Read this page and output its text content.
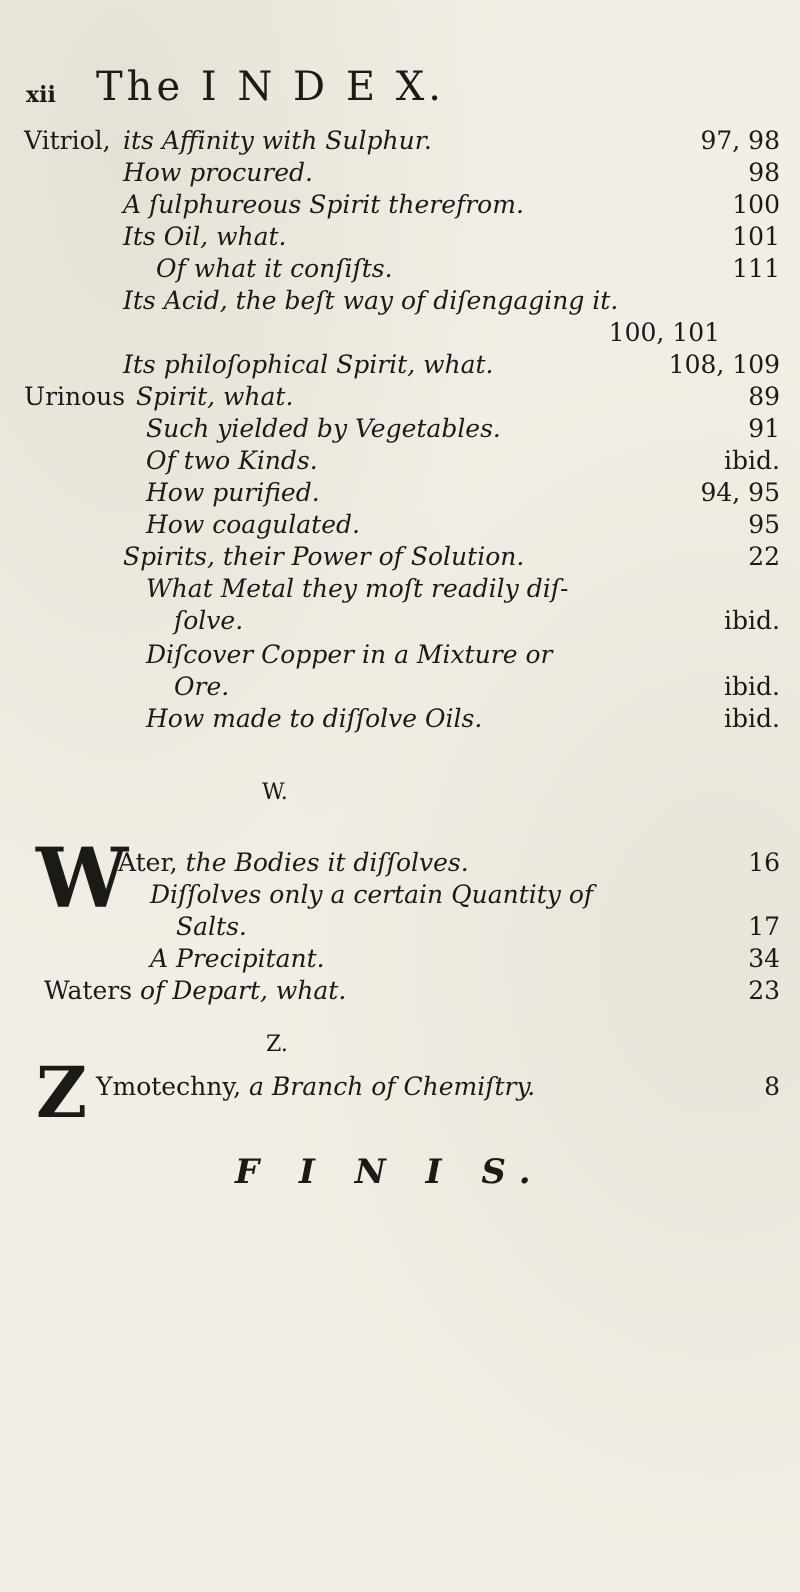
xii The I N D E X.
Vitriol, its Affinity with Sulphur.	97, 98
How procured.	98
A ſulphureous Spirit therefrom.	100
Its Oil, what.	101
Of what it conſiſts.	111
Its Acid, the beſt way of diſengaging it.
100, 101
Its philoſophical Spirit, what.	108, 109
Urinous Spirit, what.	89
Such yielded by Vegetables.	91
Of two Kinds.	ibid.
How purified.	94, 95
How coagulated.	95
Spirits, their Power of Solution.	22
What Metal they moſt readily diſ-
ſolve.	ibid.
Diſcover Copper in a Mixture or
Ore.	ibid.
How made to diſſolve Oils.	ibid.
W.
W
Ater, the Bodies it diſſolves.	16
Diſſolves only a certain Quantity of
Salts.	17
A Precipitant.	34
Waters of Depart, what.	23
Z.
Z Ymotechny, a Branch of Chemiſtry.	8
F I N I S.
